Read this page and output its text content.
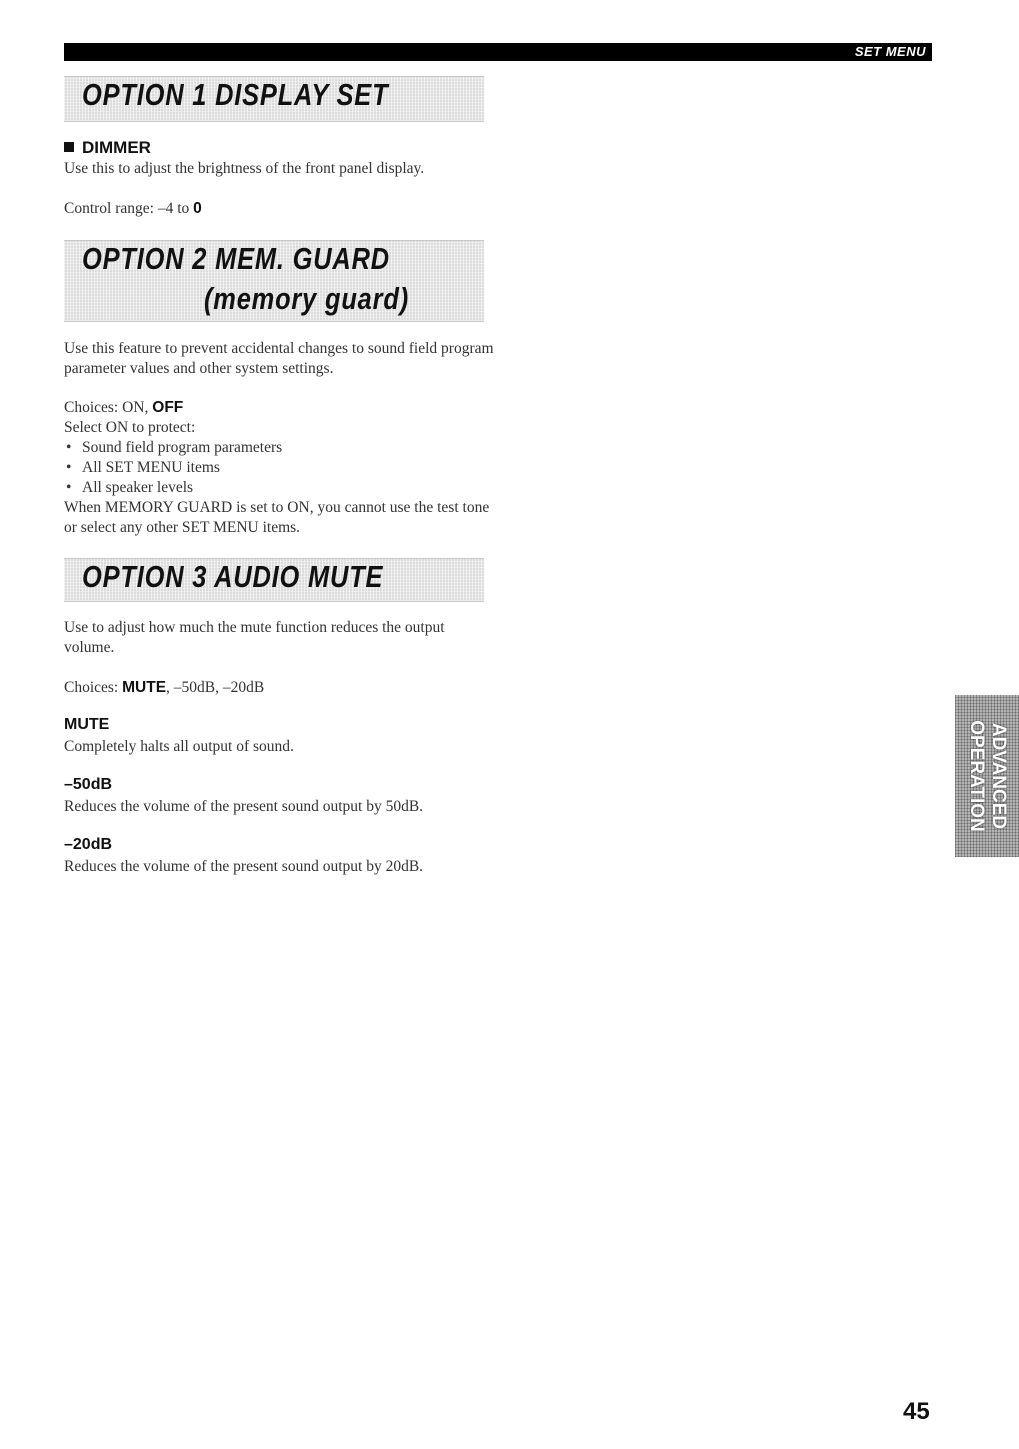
SET MENU
OPTION 1 DISPLAY SET
DIMMER
Use this to adjust the brightness of the front panel display.
Control range: –4 to 0
OPTION 2 MEM. GUARD
(memory guard)
Use this feature to prevent accidental changes to sound field program parameter values and other system settings.
Choices: ON, OFF
Select ON to protect:
• Sound field program parameters
• All SET MENU items
• All speaker levels
When MEMORY GUARD is set to ON, you cannot use the test tone or select any other SET MENU items.
OPTION 3 AUDIO MUTE
Use to adjust how much the mute function reduces the output volume.
Choices: MUTE, –50dB, –20dB
MUTE
Completely halts all output of sound.
–50dB
Reduces the volume of the present sound output by 50dB.
–20dB
Reduces the volume of the present sound output by 20dB.
ADVANCED
OPERATION
45
